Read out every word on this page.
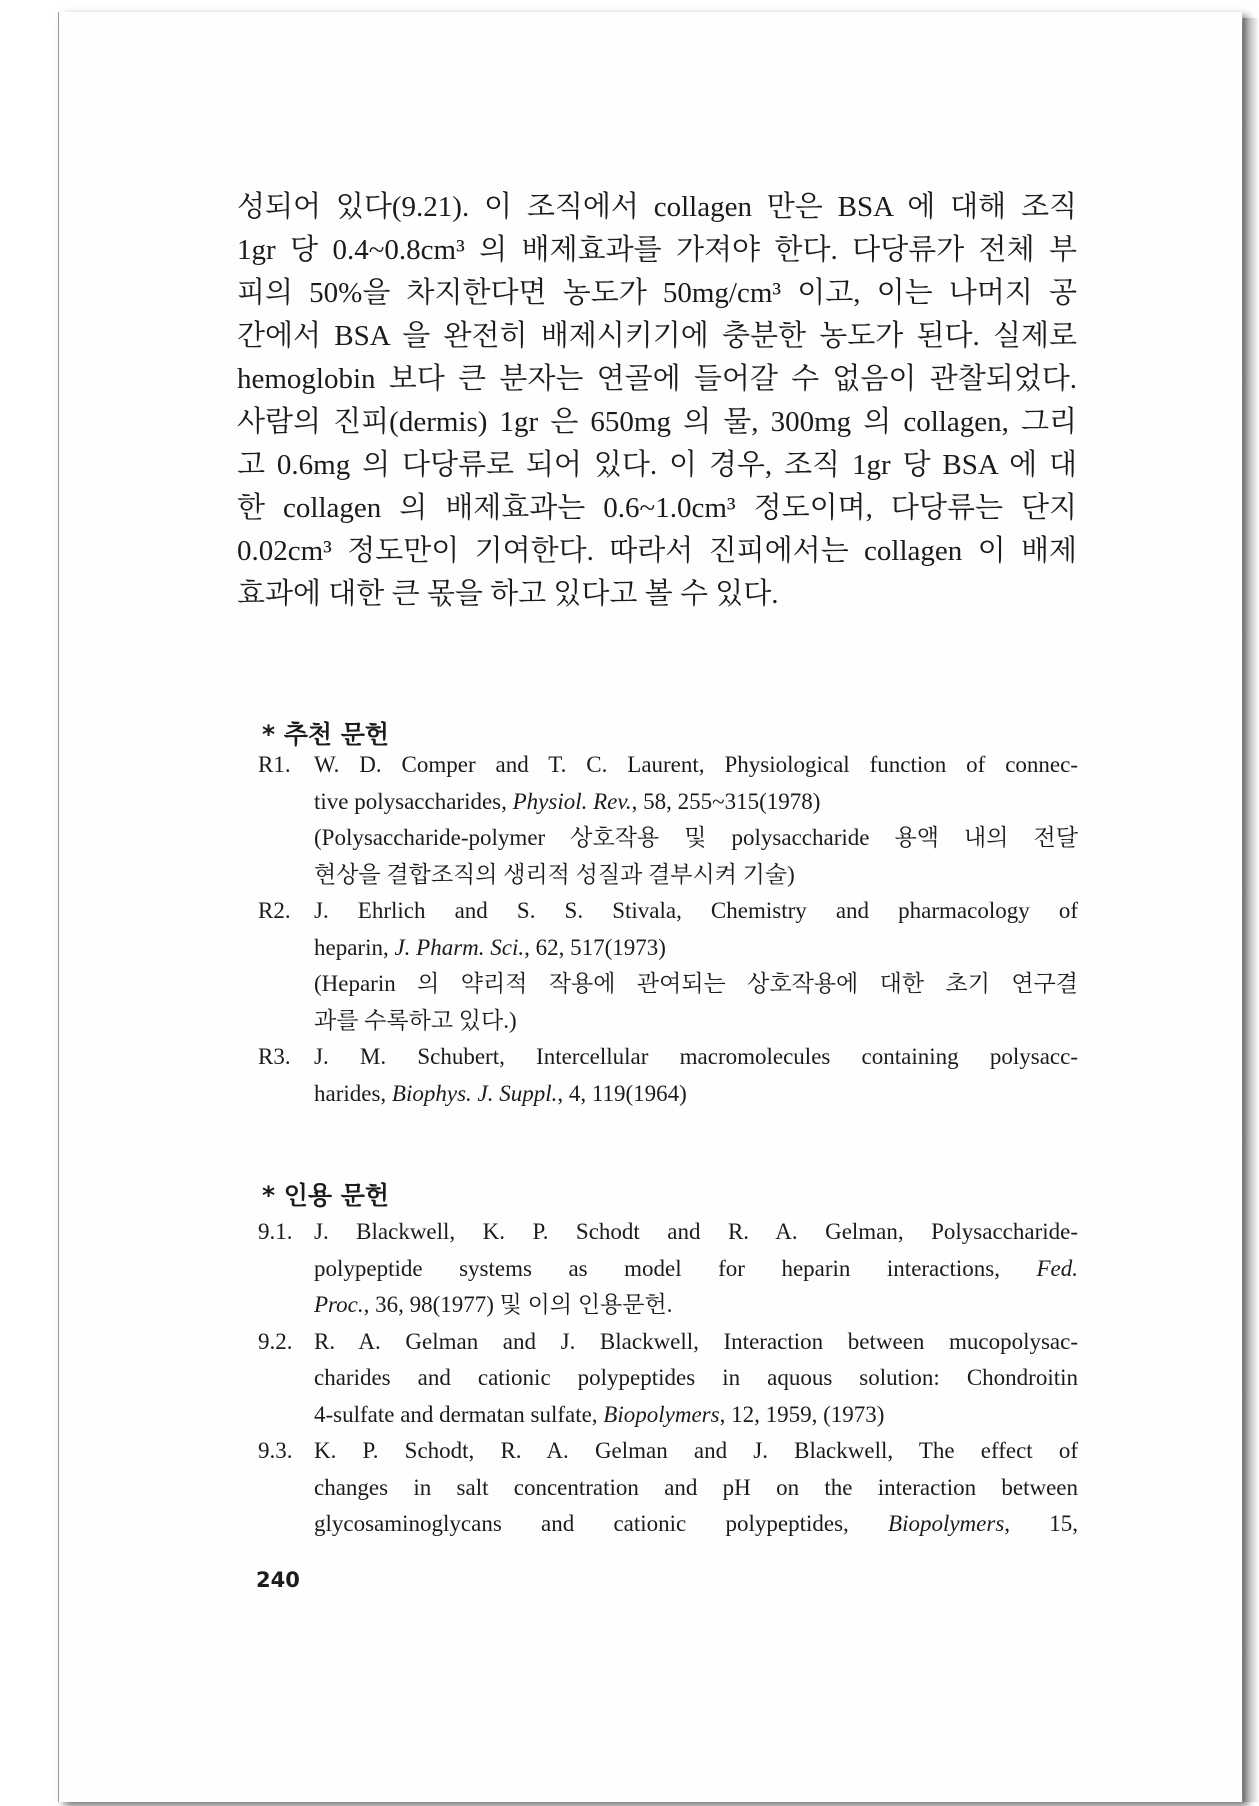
성되어 있다(9.21). 이 조직에서 collagen 만은 BSA 에 대해 조직
1gr 당 0.4~0.8cm³ 의 배제효과를 가져야 한다. 다당류가 전체 부
피의 50%을 차지한다면 농도가 50mg/cm³ 이고, 이는 나머지 공
간에서 BSA 을 완전히 배제시키기에 충분한 농도가 된다. 실제로
hemoglobin 보다 큰 분자는 연골에 들어갈 수 없음이 관찰되었다.
사람의 진피(dermis) 1gr 은 650mg 의 물, 300mg 의 collagen, 그리
고 0.6mg 의 다당류로 되어 있다. 이 경우, 조직 1gr 당 BSA 에 대
한 collagen 의 배제효과는 0.6~1.0cm³ 정도이며, 다당류는 단지
0.02cm³ 정도만이 기여한다. 따라서 진피에서는 collagen 이 배제
효과에 대한 큰 몫을 하고 있다고 볼 수 있다.
* 추천 문헌
R1.	W. D. Comper and T. C. Laurent, Physiological function of connec-
tive polysaccharides, Physiol. Rev., 58, 255~315(1978)
(Polysaccharide-polymer 상호작용 및 polysaccharide 용액 내의 전달
현상을 결합조직의 생리적 성질과 결부시켜 기술)
R2.	J. Ehrlich and S. S. Stivala, Chemistry and pharmacology of
heparin, J. Pharm. Sci., 62, 517(1973)
(Heparin 의 약리적 작용에 관여되는 상호작용에 대한 초기 연구결
과를 수록하고 있다.)
R3.	J. M. Schubert, Intercellular macromolecules containing polysacc-
harides, Biophys. J. Suppl., 4, 119(1964)
* 인용 문헌
9.1. J. Blackwell, K. P. Schodt and R. A. Gelman, Polysaccharide-
polypeptide systems as model for heparin interactions, Fed.
Proc., 36, 98(1977) 및 이의 인용문헌.
9.2. R. A. Gelman and J. Blackwell, Interaction between mucopolysac-
charides and cationic polypeptides in aquous solution: Chondroitin
4-sulfate and dermatan sulfate, Biopolymers, 12, 1959, (1973)
9.3. K. P. Schodt, R. A. Gelman and J. Blackwell, The effect of
changes in salt concentration and pH on the interaction between
glycosaminoglycans and cationic polypeptides, Biopolymers, 15,
240
